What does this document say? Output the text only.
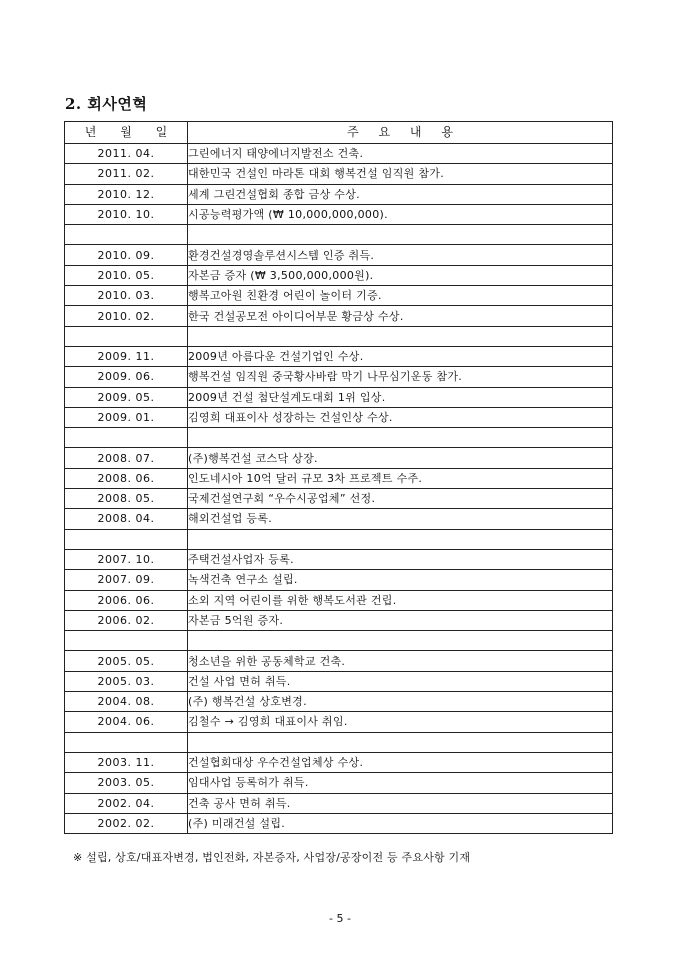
2. 회사연혁
년 월 일	주 요 내 용
2011. 04.	그린에너지 태양에너지발전소 건축.
2011. 02.	대한민국 건설인 마라톤 대회 행복건설 임직원 참가.
2010. 12.	세계 그린건설협회 종합 금상 수상.
2010. 10.	시공능력평가액 (₩ 10,000,000,000).

2010. 09.	환경건설경영솔루션시스템 인증 취득.
2010. 05.	자본금 증자 (₩ 3,500,000,000원).
2010. 03.	행복고아원 친환경 어린이 놀이터 기증.
2010. 02.	한국 건설공모전 아이디어부문 황금상 수상.

2009. 11.	2009년 아름다운 건설기업인 수상.
2009. 06.	행복건설 임직원 중국황사바람 막기 나무심기운동 참가.
2009. 05.	2009년 건설 첨단설계도대회 1위 입상.
2009. 01.	김영희 대표이사 성장하는 건설인상 수상.

2008. 07.	(주)행복건설 코스닥 상장.
2008. 06.	인도네시아 10억 달러 규모 3차 프로젝트 수주.
2008. 05.	국제건설연구회 “우수시공업체” 선정.
2008. 04.	해외건설업 등록.

2007. 10.	주택건설사업자 등록.
2007. 09.	녹색건축 연구소 설립.
2006. 06.	소외 지역 어린이를 위한 행복도서관 건립.
2006. 02.	자본금 5억원 증자.

2005. 05.	청소년을 위한 공동체학교 건축.
2005. 03.	건설 사업 면허 취득.
2004. 08.	(주) 행복건설 상호변경.
2004. 06.	김철수 → 김영희 대표이사 취임.

2003. 11.	건설협회대상 우수건설업체상 수상.
2003. 05.	임대사업 등록허가 취득.
2002. 04.	건축 공사 면허 취득.
2002. 02.	(주) 미래건설 설립.
※ 설립, 상호/대표자변경, 법인전화, 자본증자, 사업장/공장이전 등 주요사항 기재
- 5 -
